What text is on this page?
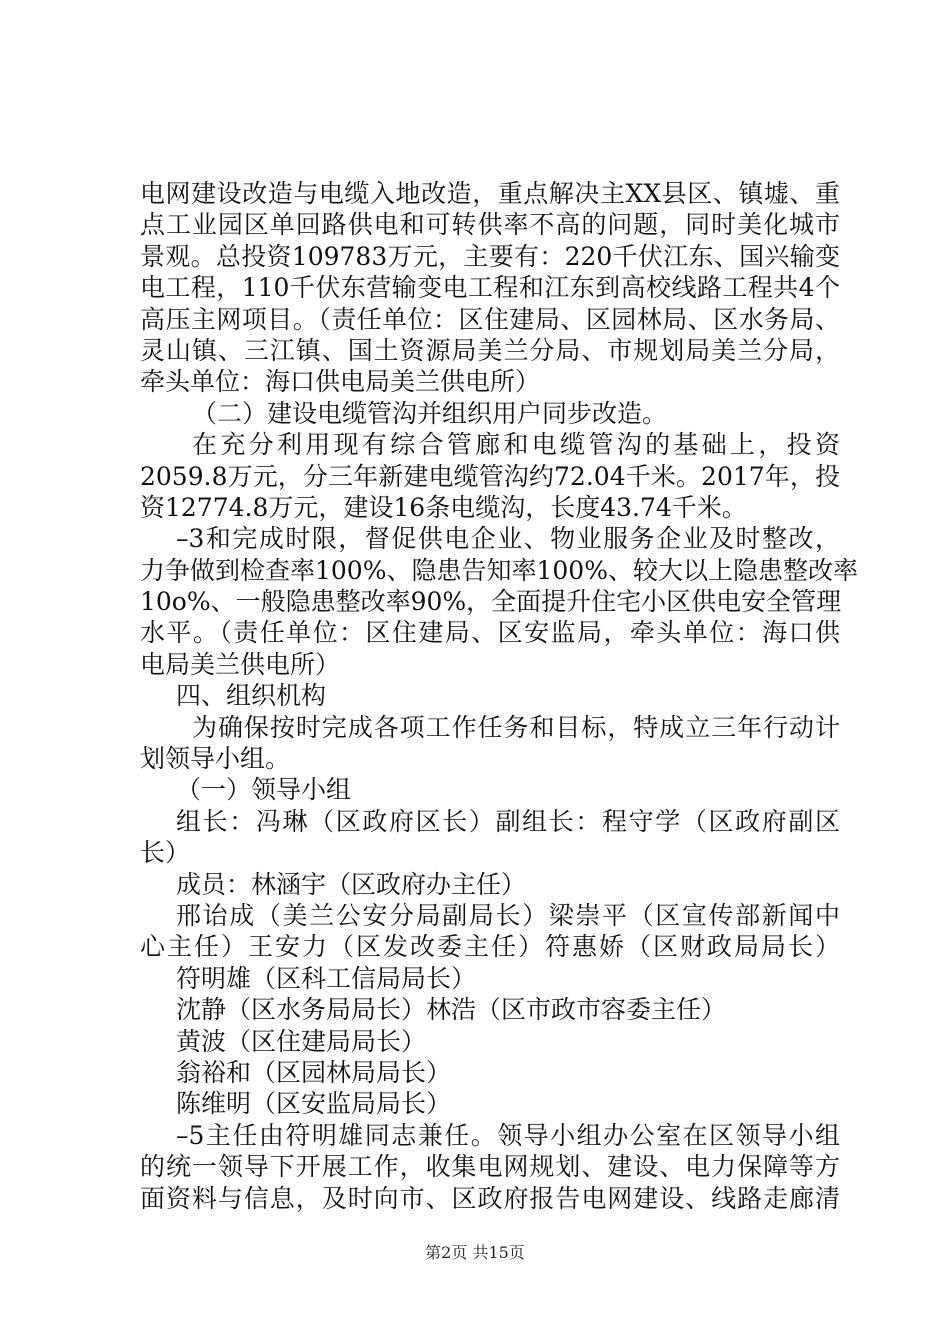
电网建设改造与电缆入地改造，重点解决主XX县区、镇墟、重
点工业园区单回路供电和可转供率不高的问题，同时美化城市
景观。总投资109783万元，主要有：220千伏江东、国兴输变
电工程，110千伏东营输变电工程和江东到高校线路工程共4个
高压主网项目。（责任单位：区住建局、区园林局、区水务局、
灵山镇、三江镇、国土资源局美兰分局、市规划局美兰分局，
牵头单位：海口供电局美兰供电所）
（二）建设电缆管沟并组织用户同步改造。
在充分利用现有综合管廊和电缆管沟的基础上，投资
2059.8万元，分三年新建电缆管沟约72.04千米。2017年，投
资12774.8万元，建设16条电缆沟，长度43.74千米。
–3和完成时限，督促供电企业、物业服务企业及时整改，
力争做到检查率100%、隐患告知率100%、较大以上隐患整改率
10o%、一般隐患整改率90%，全面提升住宅小区供电安全管理
水平。（责任单位：区住建局、区安监局，牵头单位：海口供
电局美兰供电所）
四、组织机构
为确保按时完成各项工作任务和目标，特成立三年行动计
划领导小组。
（一）领导小组
组长：冯琳（区政府区长）副组长：程守学（区政府副区
长）
成员：林涵宇（区政府办主任）
邢诒成（美兰公安分局副局长）梁崇平（区宣传部新闻中
心主任）王安力（区发改委主任）符惠娇（区财政局局长）
符明雄（区科工信局局长）
沈静（区水务局局长）林浩（区市政市容委主任）
黄波（区住建局局长）
翁裕和（区园林局局长）
陈维明（区安监局局长）
–5主任由符明雄同志兼任。领导小组办公室在区领导小组
的统一领导下开展工作，收集电网规划、建设、电力保障等方
面资料与信息，及时向市、区政府报告电网建设、线路走廊清
第2页 共15页
